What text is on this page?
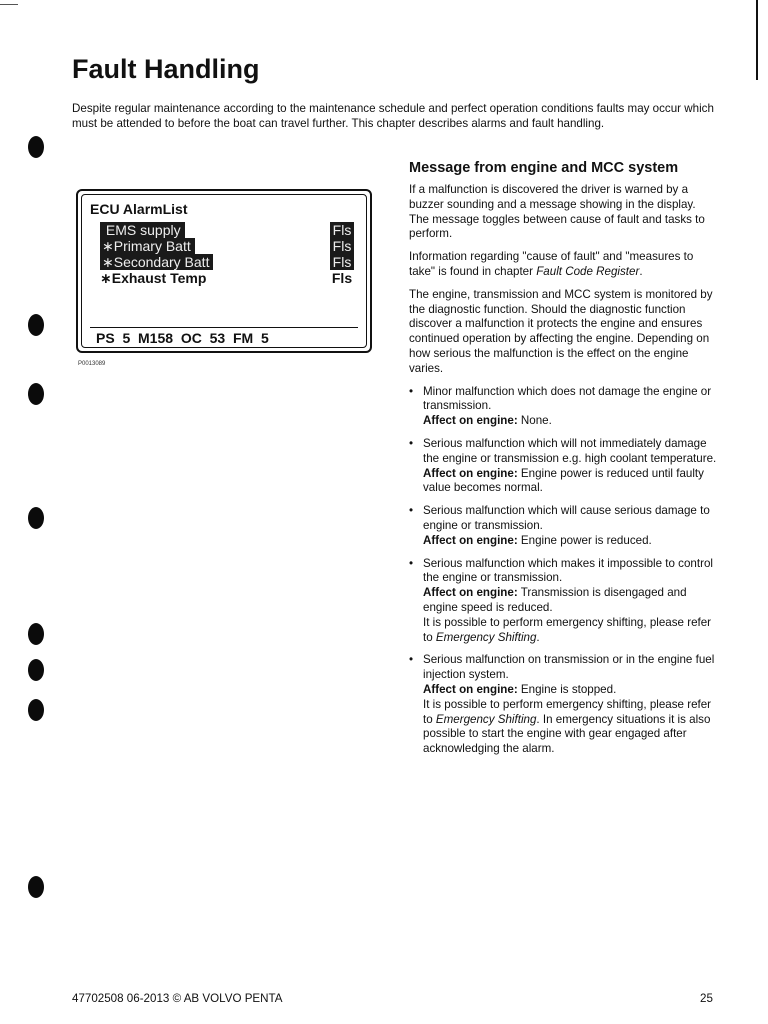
Fault Handling

Despite regular maintenance according to the maintenance schedule and perfect operation conditions faults may occur which must be attended to before the boat can travel further. This chapter describes alarms and fault handling.

ECU AlarmList

EMS supply	Fls
∗Primary Batt	Fls
∗Secondary Batt	Fls
∗Exhaust Temp	Fls

PS  5  M158  OC  53  FM  5

P0013089

Message from engine and MCC system

If a malfunction is discovered the driver is warned by a buzzer sounding and a message showing in the display.
The message toggles between cause of fault and tasks to perform.

Information regarding "cause of fault" and "measures to take" is found in chapter Fault Code Register.

The engine, transmission and MCC system is monitored by the diagnostic function. Should the diagnostic function discover a malfunction it protects the engine and ensures continued operation by affecting the engine. Depending on how serious the malfunction is the effect on the engine varies.

• Minor malfunction which does not damage the engine or transmission.
Affect on engine: None.
• Serious malfunction which will not immediately damage the engine or transmission e.g. high coolant temperature.
Affect on engine: Engine power is reduced until faulty value becomes normal.
• Serious malfunction which will cause serious damage to engine or transmission.
Affect on engine: Engine power is reduced.
• Serious malfunction which makes it impossible to control the engine or transmission.
Affect on engine: Transmission is disengaged and engine speed is reduced.
It is possible to perform emergency shifting, please refer to Emergency Shifting.
• Serious malfunction on transmission or in the engine fuel injection system.
Affect on engine: Engine is stopped.
It is possible to perform emergency shifting, please refer to Emergency Shifting. In emergency situations it is also possible to start the engine with gear engaged after acknowledging the alarm.

47702508 06-2013 © AB VOLVO PENTA	25
